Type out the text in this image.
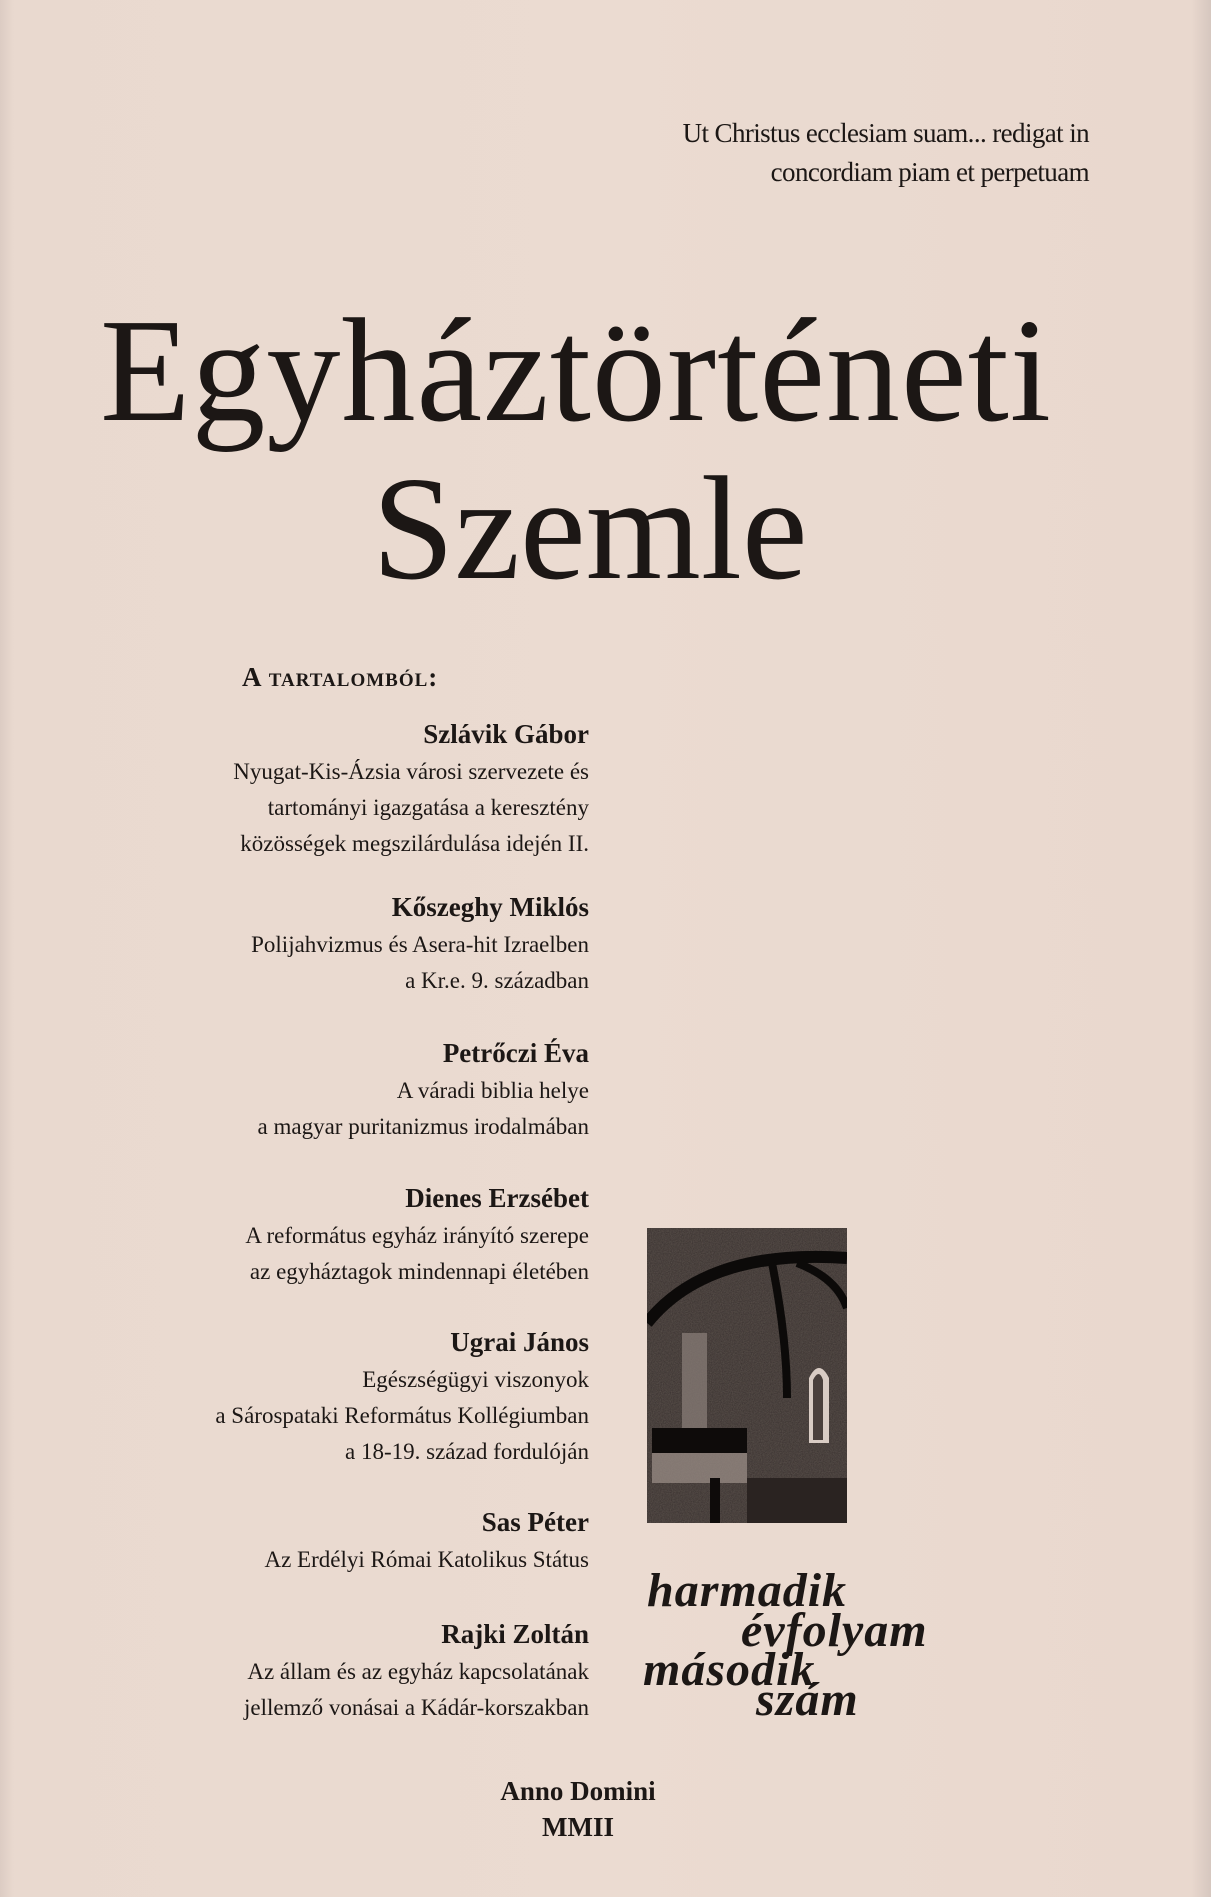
Ut Christus ecclesiam suam... redigat in
concordiam piam et perpetuam
Egyháztörténeti
Szemle
A tartalomból:
Szlávik Gábor
Nyugat-Kis-Ázsia városi szervezete és
tartományi igazgatása a keresztény
közösségek megszilárdulása idején II.
Kőszeghy Miklós
Polijahvizmus és Asera-hit Izraelben
a Kr.e. 9. században
Petrőczi Éva
A váradi biblia helye
a magyar puritanizmus irodalmában
Dienes Erzsébet
A református egyház irányító szerepe
az egyháztagok mindennapi életében
Ugrai János
Egészségügyi viszonyok
a Sárospataki Református Kollégiumban
a 18-19. század fordulóján
Sas Péter
Az Erdélyi Római Katolikus Státus
Rajki Zoltán
Az állam és az egyház kapcsolatának
jellemző vonásai a Kádár-korszakban
harmadik
évfolyam
második
szám
Anno Domini
MMII
